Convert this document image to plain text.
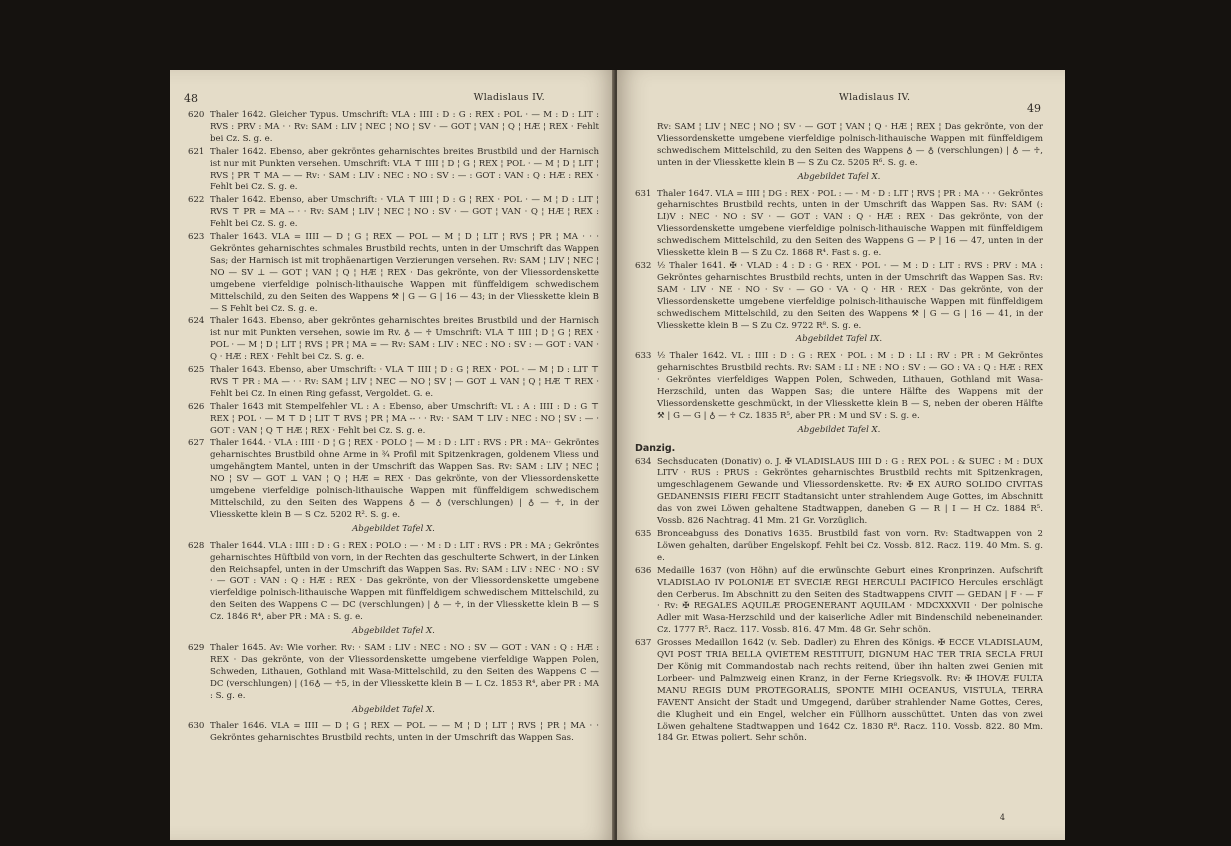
48	Wladislaus IV.
620 Thaler 1642. Gleicher Typus. Umschrift: VLA : IIII : D : G : REX : POL · — M : D : LIT : RVS : PRV : MA · · Rv: SAM : LIV ¦ NEC ¦ NO ¦ SV · — GOT ¦ VAN ¦ Q ¦ HÆ ¦ REX · Fehlt bei Cz. S. g. e.
621 Thaler 1642. Ebenso, aber gekröntes geharnischtes breites Brustbild und der Harnisch ist nur mit Punkten versehen. Umschrift: VLA ⊤ IIII ¦ D ¦ G ¦ REX ¦ POL · — M ¦ D ¦ LIT ¦ RVS ¦ PR ⊤ MA — — Rv: · SAM : LIV : NEC : NO : SV : — : GOT : VAN : Q : HÆ : REX · Fehlt bei Cz. S. g. e.
622 Thaler 1642. Ebenso, aber Umschrift: · VLA ⊤ IIII ¦ D : G ¦ REX · POL · — M ¦ D : LIT ¦ RVS ⊤ PR = MA -- · · Rv: SAM ¦ LIV ¦ NEC ¦ NO : SV · — GOT ¦ VAN · Q ¦ HÆ ¦ REX : Fehlt bei Cz. S. g. e.
623 Thaler 1643. VLA = IIII — D ¦ G ¦ REX — POL — M ¦ D ¦ LIT ¦ RVS ¦ PR ¦ MA · · · Gekröntes geharnischtes schmales Brustbild rechts, unten in der Umschrift das Wappen Sas; der Harnisch ist mit trophäenartigen Verzierungen versehen. Rv: SAM ¦ LIV ¦ NEC ¦ NO — SV ⊥ — GOT ¦ VAN ¦ Q ¦ HÆ ¦ REX · Das gekrönte, von der Vliessordenskette umgebene vierfeldige polnisch-lithauische Wappen mit fünffeldigem schwedischem Mittelschild, zu den Seiten des Wappens ⚒ | G — G | 16 — 43; in der Vliesskette klein B — S Fehlt bei Cz. S. g. e.
624 Thaler 1643. Ebenso, aber gekröntes geharnischtes breites Brustbild und der Harnisch ist nur mit Punkten versehen, sowie im Rv. ♁ — ♱ Umschrift: VLA ⊤ IIII ¦ D ¦ G ¦ REX · POL · — M ¦ D ¦ LIT ¦ RVS ¦ PR ¦ MA = — Rv: SAM : LIV : NEC : NO : SV : — GOT : VAN · Q · HÆ : REX · Fehlt bei Cz. S. g. e.
625 Thaler 1643. Ebenso, aber Umschrift: · VLA ⊤ IIII ¦ D : G ¦ REX · POL · — M ¦ D : LIT ⊤ RVS ⊤ PR : MA — · · Rv: SAM ¦ LIV ¦ NEC — NO ¦ SV ¦ — GOT ⊥ VAN ¦ Q ¦ HÆ ⊤ REX · Fehlt bei Cz. In einen Ring gefasst, Vergoldet. G. e.
626 Thaler 1643 mit Stempelfehler VL : A : Ebenso, aber Umschrift: VL : A : IIII : D : G ⊤ REX ¦ POL · — M ⊤ D ¦ LIT ⊤ RVS ¦ PR ¦ MA -- · · Rv: · SAM ⊤ LIV : NEC : NO ¦ SV : — · GOT : VAN ¦ Q ⊤ HÆ ¦ REX · Fehlt bei Cz. S. g. e.
627 Thaler 1644. · VLA : IIII · D ¦ G ¦ REX · POLO ¦ — M : D : LIT : RVS : PR : MA·· Gekröntes geharnischtes Brustbild ohne Arme in ¾ Profil mit Spitzenkragen, goldenem Vliess und umgehängtem Mantel, unten in der Umschrift das Wappen Sas. Rv: SAM : LIV ¦ NEC ¦ NO ¦ SV — GOT ⊥ VAN ¦ Q ¦ HÆ = REX · Das gekrönte, von der Vliessordenskette umgebene vierfeldige polnisch-lithauische Wappen mit fünffeldigem schwedischem Mittelschild, zu den Seiten des Wappens ♁ — ♁ (verschlungen) | ♁ — ♱, in der Vliesskette klein B — S Cz. 5202 R². S. g. e.
Abgebildet Tafel X.
628 Thaler 1644. VLA : IIII : D : G : REX : POLO : — · M : D : LIT : RVS : PR : MA ; Gekröntes geharnischtes Hüftbild von vorn, in der Rechten das geschulterte Schwert, in der Linken den Reichsapfel, unten in der Umschrift das Wappen Sas. Rv: SAM : LIV : NEC · NO : SV · — GOT : VAN : Q : HÆ : REX · Das gekrönte, von der Vliessordenskette umgebene vierfeldige polnisch-lithauische Wappen mit fünffeldigem schwedischem Mittelschild, zu den Seiten des Wappens C — DC (verschlungen) | ♁ — ♱, in der Vliesskette klein B — S Cz. 1846 R⁴, aber PR : MA : S. g. e.
Abgebildet Tafel X.
629 Thaler 1645. Av: Wie vorher. Rv: · SAM : LIV : NEC : NO : SV — GOT : VAN : Q : HÆ : REX · Das gekrönte, von der Vliessordenskette umgebene vierfeldige Wappen Polen, Schweden, Lithauen, Gothland mit Wasa-Mittelschild, zu den Seiten des Wappens C — DC (verschlungen) | (16♁ — ♱5, in der Vliesskette klein B — L Cz. 1853 R⁴, aber PR : MA : S. g. e.
Abgebildet Tafel X.
630 Thaler 1646. VLA = IIII — D ¦ G ¦ REX — POL — — M ¦ D ¦ LIT ¦ RVS ¦ PR ¦ MA · · Gekröntes geharnischtes Brustbild rechts, unten in der Umschrift das Wappen Sas.
49
Wladislaus IV.
Rv: SAM ¦ LIV ¦ NEC ¦ NO ¦ SV · — GOT ¦ VAN ¦ Q · HÆ ¦ REX ¦ Das gekrönte, von der Vliessordenskette umgebene vierfeldige polnisch-lithauische Wappen mit fünffeldigem schwedischem Mittelschild, zu den Seiten des Wappens ♁ — ♁ (verschlungen) | ♁ — ♱, unten in der Vliesskette klein B — S Zu Cz. 5205 R⁶. S. g. e.
Abgebildet Tafel X.
631 Thaler 1647. VLA = IIII ¦ DG : REX · POL : — · M · D : LIT ¦ RVS ¦ PR : MA · · · Gekröntes geharnischtes Brustbild rechts, unten in der Umschrift das Wappen Sas. Rv: SAM (: LI)V : NEC · NO : SV · — GOT : VAN : Q · HÆ : REX · Das gekrönte, von der Vliessordenskette umgebene vierfeldige polnisch-lithauische Wappen mit fünffeldigem schwedischem Mittelschild, zu den Seiten des Wappens G — P | 16 — 47, unten in der Vliesskette klein B — S Zu Cz. 1868 R⁴. Fast s. g. e.
632 ½ Thaler 1641. ✠ · VLAD : 4 : D : G · REX · POL · — M : D : LIT : RVS : PRV : MA : Gekröntes geharnischtes Brustbild rechts, unten in der Umschrift das Wappen Sas. Rv: SAM · LIV · NE · NO · Sv · — GO · VA · Q · HR · REX · Das gekrönte, von der Vliessordenskette umgebene vierfeldige polnisch-lithauische Wappen mit fünffeldigem schwedischem Mittelschild, zu den Seiten des Wappens ⚒ | G — G | 16 — 41, in der Vliesskette klein B — S Zu Cz. 9722 R⁸. S. g. e.
Abgebildet Tafel IX.
633 ½ Thaler 1642. VL : IIII : D : G : REX · POL : M : D : LI : RV : PR : M Gekröntes geharnischtes Brustbild rechts. Rv: SAM : LI : NE : NO : SV : — GO : VA : Q : HÆ : REX · Gekröntes vierfeldiges Wappen Polen, Schweden, Lithauen, Gothland mit Wasa-Herzschild, unten das Wappen Sas; die untere Hälfte des Wappens mit der Vliessordenskette geschmückt, in der Vliesskette klein B — S, neben der oberen Hälfte ⚒ | G — G | ♁ — ♱ Cz. 1835 R⁵, aber PR : M und SV : S. g. e.
Abgebildet Tafel X.
Danzig.
634 Sechsducaten (Donativ) o. J. ✠ VLADISLAUS IIII D : G : REX POL : & SUEC : M : DUX LITV · RUS : PRUS : Gekröntes geharnischtes Brustbild rechts mit Spitzenkragen, umgeschlagenem Gewande und Vliessordenskette. Rv: ✠ EX AURO SOLIDO CIVITAS GEDANENSIS FIERI FECIT Stadtansicht unter strahlendem Auge Gottes, im Abschnitt das von zwei Löwen gehaltene Stadtwappen, daneben G — R | I — H Cz. 1884 R⁵. Vossb. 826 Nachtrag. 41 Mm. 21 Gr. Vorzüglich.
635 Bronceabguss des Donativs 1635. Brustbild fast von vorn. Rv: Stadtwappen von 2 Löwen gehalten, darüber Engelskopf. Fehlt bei Cz. Vossb. 812. Racz. 119. 40 Mm. S. g. e.
636 Medaille 1637 (von Höhn) auf die erwünschte Geburt eines Kronprinzen. Aufschrift VLADISLAO IV POLONIÆ ET SVECIÆ REGI HERCULI PACIFICO Hercules erschlägt den Cerberus. Im Abschnitt zu den Seiten des Stadtwappens CIVIT — GEDAN | F · — F · Rv: ✠ REGALES AQUILÆ PROGENERANT AQUILAM · MDCXXXVII · Der polnische Adler mit Wasa-Herzschild und der kaiserliche Adler mit Bindenschild nebeneinander. Cz. 1777 R⁵. Racz. 117. Vossb. 816. 47 Mm. 48 Gr. Sehr schön.
637 Grosses Medaillon 1642 (v. Seb. Dadler) zu Ehren des Königs. ✠ ECCE VLADISLAUM, QVI POST TRIA BELLA QVIETEM RESTITUIT, DIGNUM HAC TER TRIA SECLA FRUI Der König mit Commandostab nach rechts reitend, über ihn halten zwei Genien mit Lorbeer- und Palmzweig einen Kranz, in der Ferne Kriegsvolk. Rv: ✠ IHOVÆ FULTA MANU REGIS DUM PROTEGORALIS, SPONTE MIHI OCEANUS, VISTULA, TERRA FAVENT Ansicht der Stadt und Umgegend, darüber strahlender Name Gottes, Ceres, die Klugheit und ein Engel, welcher ein Füllhorn ausschüttet. Unten das von zwei Löwen gehaltene Stadtwappen und 1642 Cz. 1830 R⁸. Racz. 110. Vossb. 822. 80 Mm. 184 Gr. Etwas poliert. Sehr schön.
4
